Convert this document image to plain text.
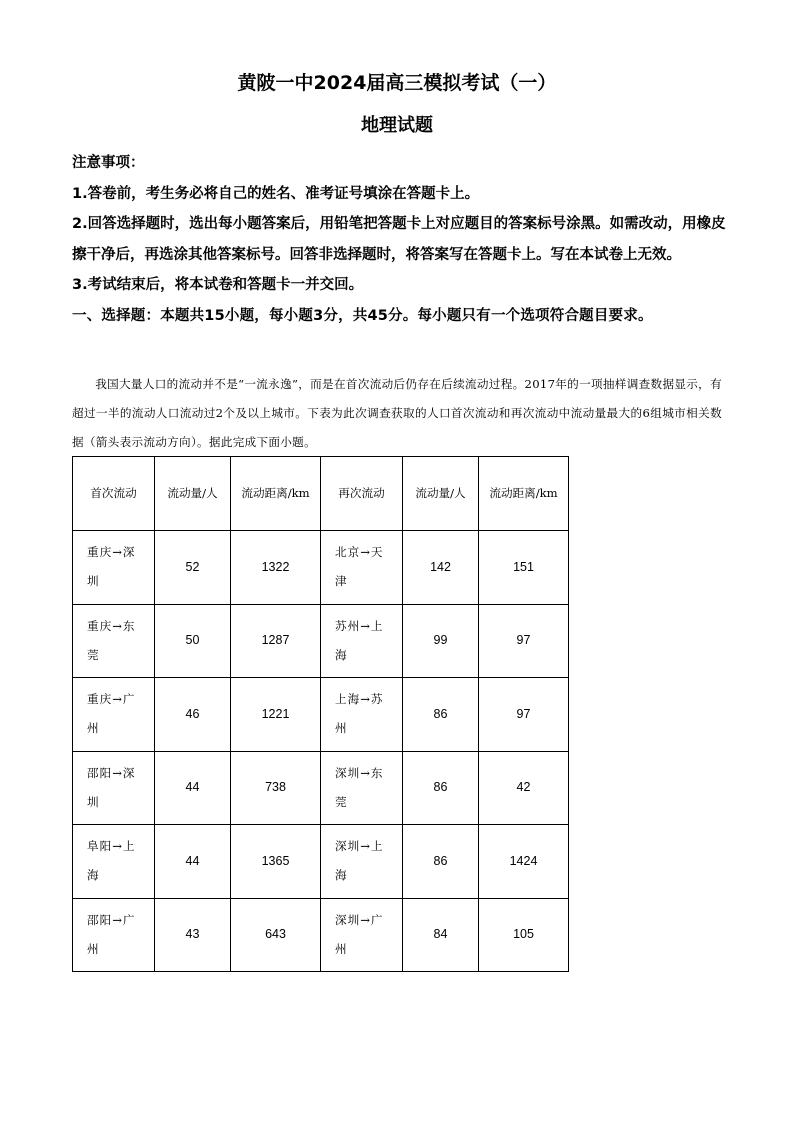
黄陂一中2024届高三模拟考试（一）
地理试题

注意事项：

1.答卷前，考生务必将自己的姓名、准考证号填涂在答题卡上。

2.回答选择题时，选出每小题答案后，用铅笔把答题卡上对应题目的答案标号涂黑。如需改动，用橡皮擦干净后，再选涂其他答案标号。回答非选择题时，将答案写在答题卡上。写在本试卷上无效。

3.考试结束后，将本试卷和答题卡一并交回。

一、选择题：本题共15小题，每小题3分，共45分。每小题只有一个选项符合题目要求。

我国大量人口的流动并不是“一流永逸”，而是在首次流动后仍存在后续流动过程。2017年的一项抽样调查数据显示，有超过一半的流动人口流动过2个及以上城市。下表为此次调查获取的人口首次流动和再次流动中流动量最大的6组城市相关数据（箭头表示流动方向）。据此完成下面小题。
首次流动	流动量/人	流动距离/km	再次流动	流动量/人	流动距离/km
重庆→深圳	52	1322	北京→天津	142	151
重庆→东莞	50	1287	苏州→上海	99	97
重庆→广州	46	1221	上海→苏州	86	97
邵阳→深圳	44	738	深圳→东莞	86	42
阜阳→上海	44	1365	深圳→上海	86	1424
邵阳→广州	43	643	深圳→广州	84	105
